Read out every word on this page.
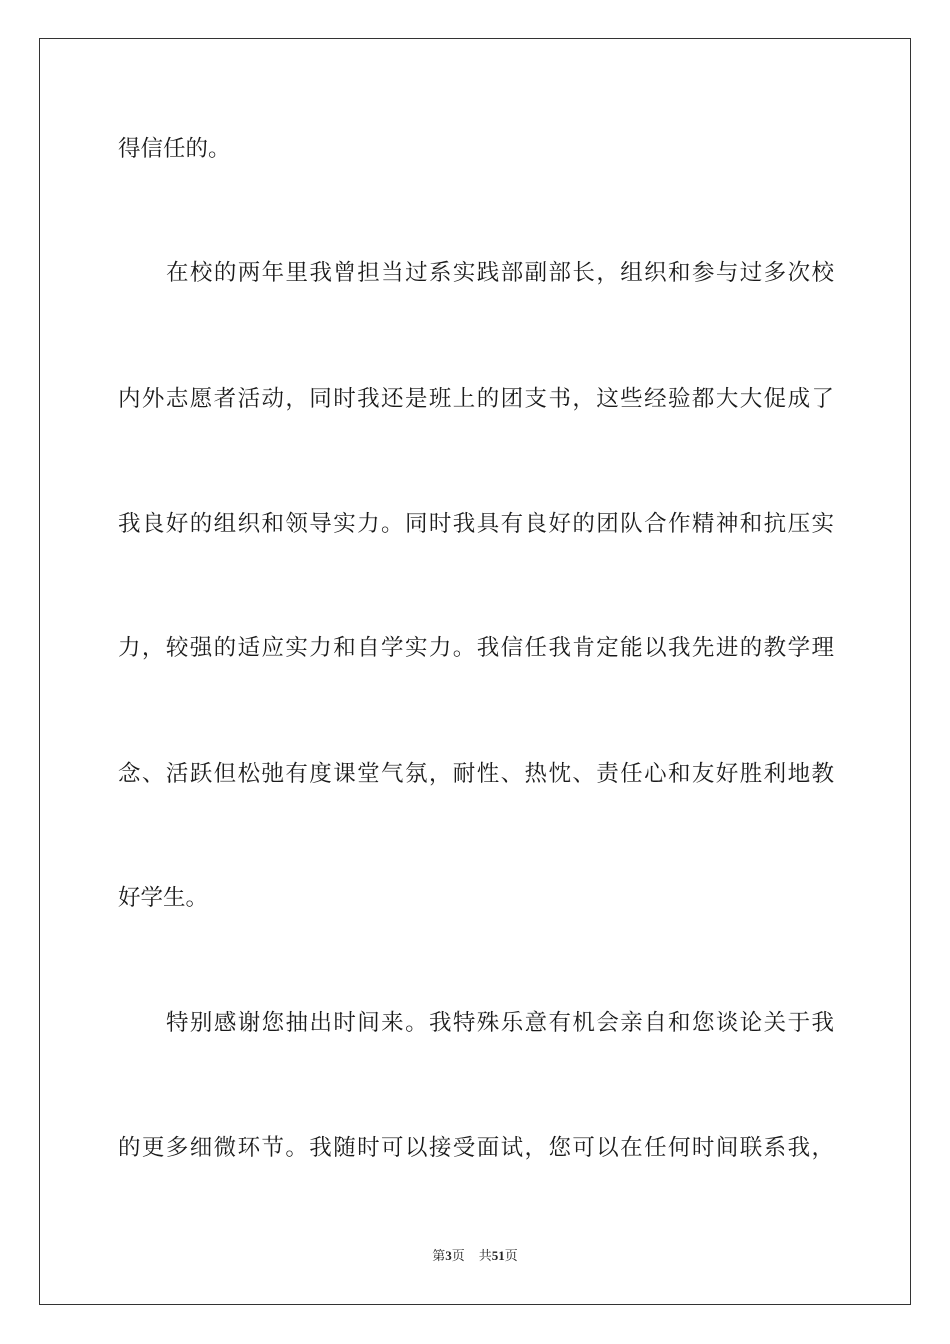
得信任的。
在校的两年里我曾担当过系实践部副部长，组织和参与过多次校
内外志愿者活动，同时我还是班上的团支书，这些经验都大大促成了
我良好的组织和领导实力。同时我具有良好的团队合作精神和抗压实
力，较强的适应实力和自学实力。我信任我肯定能以我先进的教学理
念、活跃但松弛有度课堂气氛，耐性、热忱、责任心和友好胜利地教
好学生。
特别感谢您抽出时间来。我特殊乐意有机会亲自和您谈论关于我
的更多细微环节。我随时可以接受面试，您可以在任何时间联系我，
第3页 共51页
